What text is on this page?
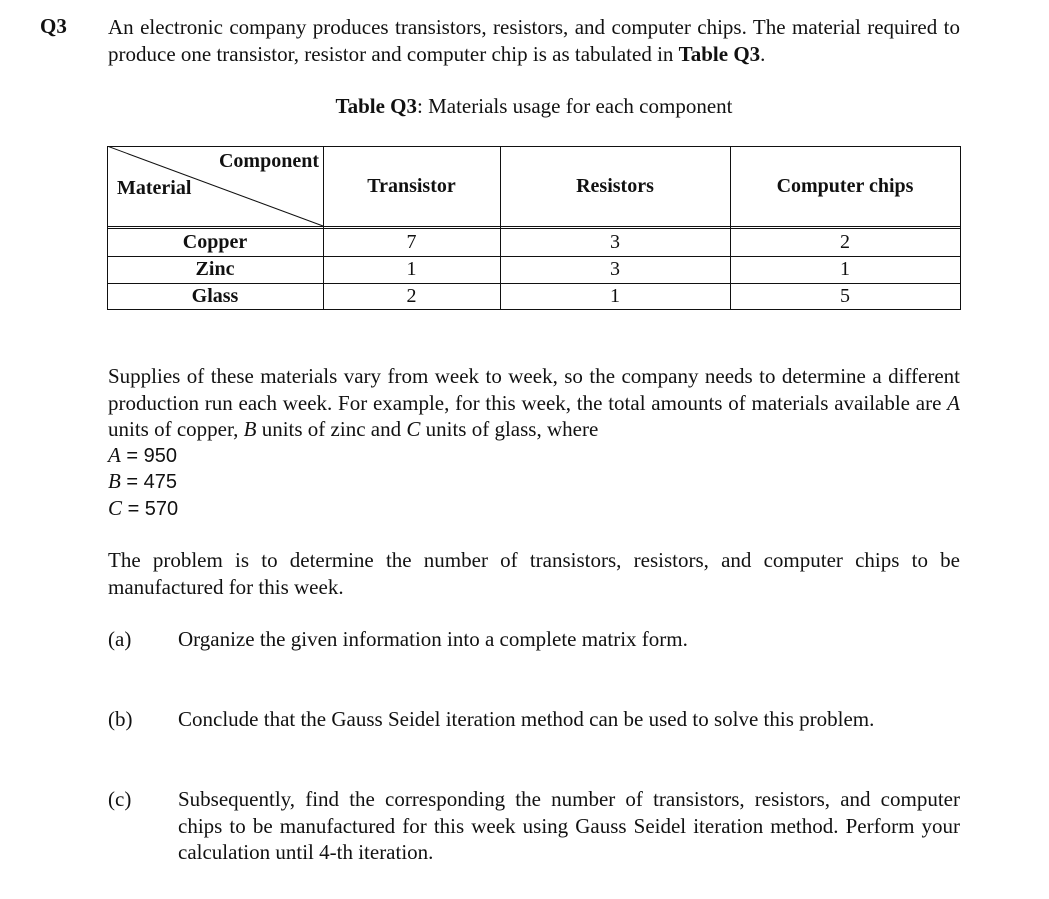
Q3 An electronic company produces transistors, resistors, and computer chips. The material required to produce one transistor, resistor and computer chip is as tabulated in Table Q3.
Table Q3: Materials usage for each component
Component
Material	Transistor	Resistors	Computer chips
Copper	7	3	2
Zinc	1	3	1
Glass	2	1	5
Supplies of these materials vary from week to week, so the company needs to determine a different production run each week. For example, for this week, the total amounts of materials available are A units of copper, B units of zinc and C units of glass, where
A = 950
B = 475
C = 570
The problem is to determine the number of transistors, resistors, and computer chips to be manufactured for this week.
(a) Organize the given information into a complete matrix form.
(b) Conclude that the Gauss Seidel iteration method can be used to solve this problem.
(c) Subsequently, find the corresponding the number of transistors, resistors, and computer chips to be manufactured for this week using Gauss Seidel iteration method. Perform your calculation until 4-th iteration.
